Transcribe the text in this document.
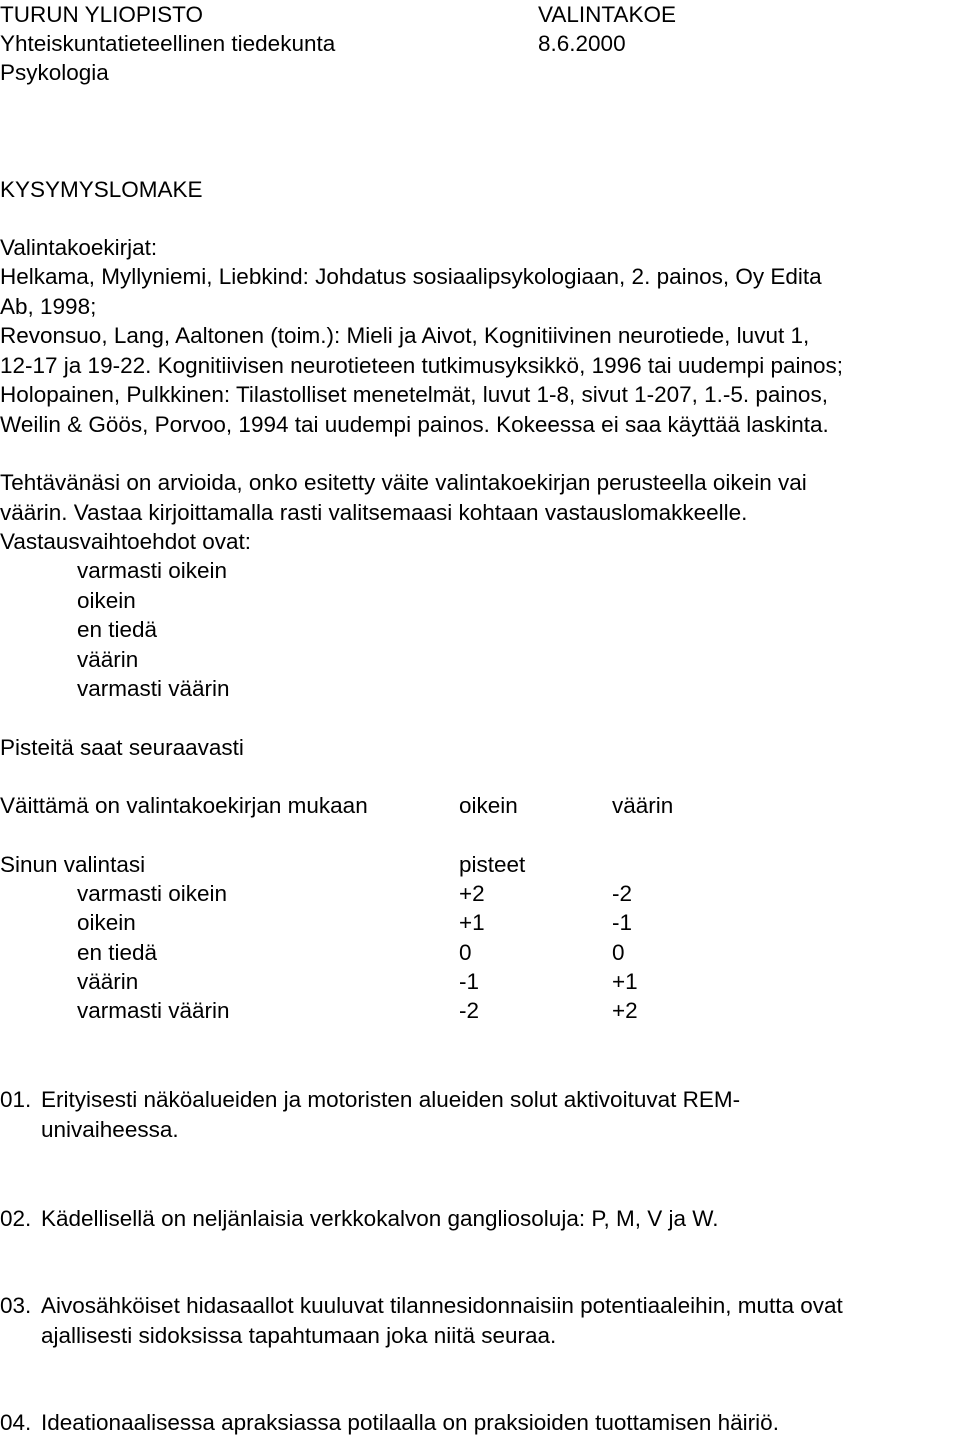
TURUN YLIOPISTO	VALINTAKOE
Yhteiskuntatieteellinen tiedekunta	8.6.2000
Psykologia
KYSYMYSLOMAKE
Valintakoekirjat:
Helkama, Myllyniemi, Liebkind: Johdatus sosiaalipsykologiaan, 2. painos, Oy Edita
Ab, 1998;
Revonsuo, Lang, Aaltonen (toim.): Mieli ja Aivot, Kognitiivinen neurotiede, luvut 1,
12-17 ja 19-22. Kognitiivisen neurotieteen tutkimusyksikkö, 1996 tai uudempi painos;
Holopainen, Pulkkinen: Tilastolliset menetelmät, luvut 1-8, sivut 1-207, 1.-5. painos,
Weilin & Göös, Porvoo, 1994 tai uudempi painos. Kokeessa ei saa käyttää laskinta.
Tehtävänäsi on arvioida, onko esitetty väite valintakoekirjan perusteella oikein vai
väärin. Vastaa kirjoittamalla rasti valitsemaasi kohtaan vastauslomakkeelle.
Vastausvaihtoehdot ovat:
varmasti oikein
oikein
en tiedä
väärin
varmasti väärin
Pisteitä saat seuraavasti
Väittämä on valintakoekirjan mukaan	oikein	väärin
Sinun valintasi	pisteet
varmasti oikein	+2	-2
oikein	+1	-1
en tiedä	0	0
väärin	-1	+1
varmasti väärin	-2	+2
01. Erityisesti näköalueiden ja motoristen alueiden solut aktivoituvat REM-
univaiheessa.
02. Kädellisellä on neljänlaisia verkkokalvon gangliosoluja: P, M, V ja W.
03. Aivosähköiset hidasaallot kuuluvat tilannesidonnaisiin potentiaaleihin, mutta ovat
ajallisesti sidoksissa tapahtumaan joka niitä seuraa.
04. Ideationaalisessa apraksiassa potilaalla on praksioiden tuottamisen häiriö.
